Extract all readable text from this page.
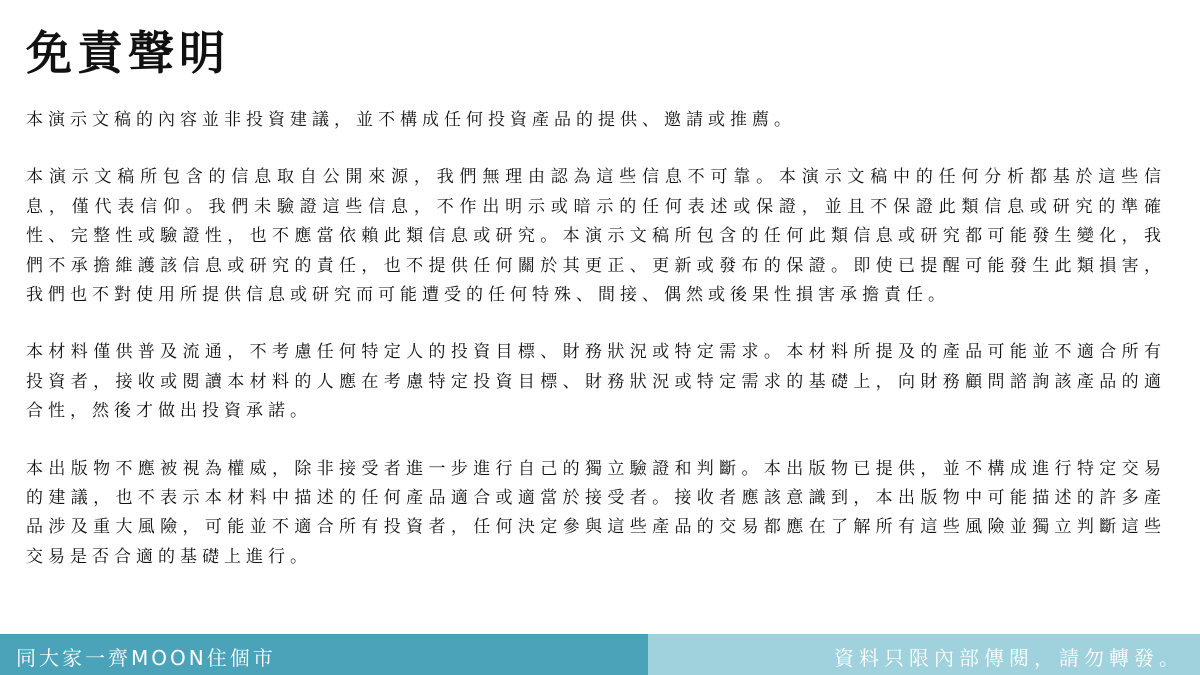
免責聲明

本演示文稿的內容並非投資建議，並不構成任何投資產品的提供、邀請或推薦。

本演示文稿所包含的信息取自公開來源，我們無理由認為這些信息不可靠。本演示文稿中的任何分析都基於這些信息，僅代表信仰。我們未驗證這些信息，不作出明示或暗示的任何表述或保證，並且不保證此類信息或研究的準確性、完整性或驗證性，也不應當依賴此類信息或研究。本演示文稿所包含的任何此類信息或研究都可能發生變化，我們不承擔維護該信息或研究的責任，也不提供任何關於其更正、更新或發布的保證。即使已提醒可能發生此類損害，我們也不對使用所提供信息或研究而可能遭受的任何特殊、間接、偶然或後果性損害承擔責任。

本材料僅供普及流通，不考慮任何特定人的投資目標、財務狀況或特定需求。本材料所提及的產品可能並不適合所有投資者，接收或閱讀本材料的人應在考慮特定投資目標、財務狀況或特定需求的基礎上，向財務顧問諮詢該產品的適合性，然後才做出投資承諾。

本出版物不應被視為權威，除非接受者進一步進行自己的獨立驗證和判斷。本出版物已提供，並不構成進行特定交易的建議，也不表示本材料中描述的任何產品適合或適當於接受者。接收者應該意識到，本出版物中可能描述的許多產品涉及重大風險，可能並不適合所有投資者，任何決定參與這些產品的交易都應在了解所有這些風險並獨立判斷這些交易是否合適的基礎上進行。

同大家一齊MOON住個市	資料只限內部傳閱，請勿轉發。
